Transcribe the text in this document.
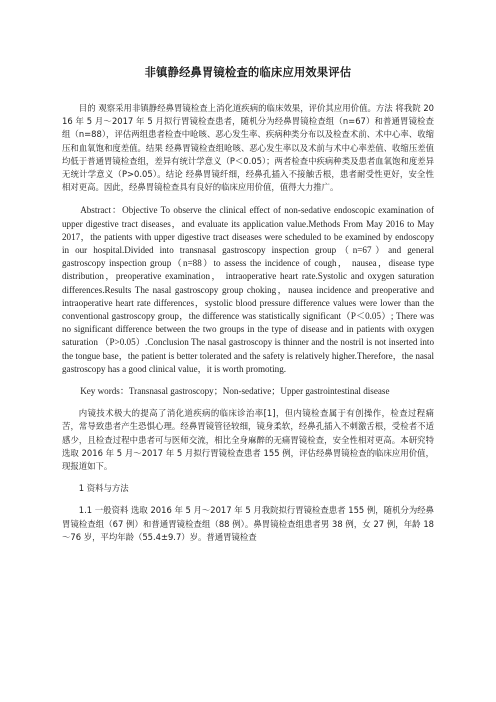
非镇静经鼻胃镜检查的临床应用效果评估

目的 观察采用非镇静经鼻胃镜检查上消化道疾病的临床效果，评价其应用价值。方法 将我院 2016 年 5 月～2017 年 5 月拟行胃镜检查患者，随机分为经鼻胃镜检查组（n=67）和普通胃镜检查组（n=88），评估两组患者检查中呛咳、恶心发生率、疾病种类分布以及检查术前、术中心率、收缩压和血氧饱和度差值。结果 经鼻胃镜检查组呛咳、恶心发生率以及术前与术中心率差值、收缩压差值均低于普通胃镜检查组，差异有统计学意义（P＜0.05）；两者检查中疾病种类及患者血氧饱和度差异无统计学意义（P>0.05）。结论 经鼻胃镜纤细，经鼻孔插入不接触舌根，患者耐受性更好，安全性相对更高。因此，经鼻胃镜检查具有良好的临床应用价值，值得大力推广。

Abstract：Objective To observe the clinical effect of non-sedative endoscopic examination of upper digestive tract diseases，and evaluate its application value.Methods From May 2016 to May 2017，the patients with upper digestive tract diseases were scheduled to be examined by endoscopy in our hospital.Divided into transnasal gastroscopy inspection group（n=67）and general gastroscopy inspection group（n=88）to assess the incidence of cough， nausea，disease type distribution，preoperative examination， intraoperative heart rate.Systolic and oxygen saturation differences.Results The nasal gastroscopy group choking，nausea incidence and preoperative and intraoperative heart rate differences，systolic blood pressure difference values were lower than the conventional gastroscopy group，the difference was statistically significant（P＜0.05）; There was no significant difference between the two groups in the type of disease and in patients with oxygen saturation （P>0.05）.Conclusion The nasal gastroscopy is thinner and the nostril is not inserted into the tongue base，the patient is better tolerated and the safety is relatively higher.Therefore，the nasal gastroscopy has a good clinical value，it is worth promoting.

Key words：Transnasal gastroscopy；Non-sedative；Upper gastrointestinal disease

内镜技术极大的提高了消化道疾病的临床诊治率[1]，但内镜检查属于有创操作，检查过程痛苦，常导致患者产生恐惧心理。经鼻胃镜管径较细，镜身柔软，经鼻孔插入不刺激舌根，受检者不适感少，且检查过程中患者可与医师交流，相比全身麻醉的无痛胃镜检查，安全性相对更高。本研究特选取 2016 年 5 月～2017 年 5 月拟行胃镜检查患者 155 例，评估经鼻胃镜检查的临床应用价值，现报道如下。

1 资料与方法

1.1 一般资料 选取 2016 年 5 月～2017 年 5 月我院拟行胃镜检查患者 155 例，随机分为经鼻胃镜检查组（67 例）和普通胃镜检查组（88 例）。鼻胃镜检查组患者男 38 例，女 27 例，年龄 18～76 岁，平均年龄（55.4±9.7）岁。普通胃镜检查
